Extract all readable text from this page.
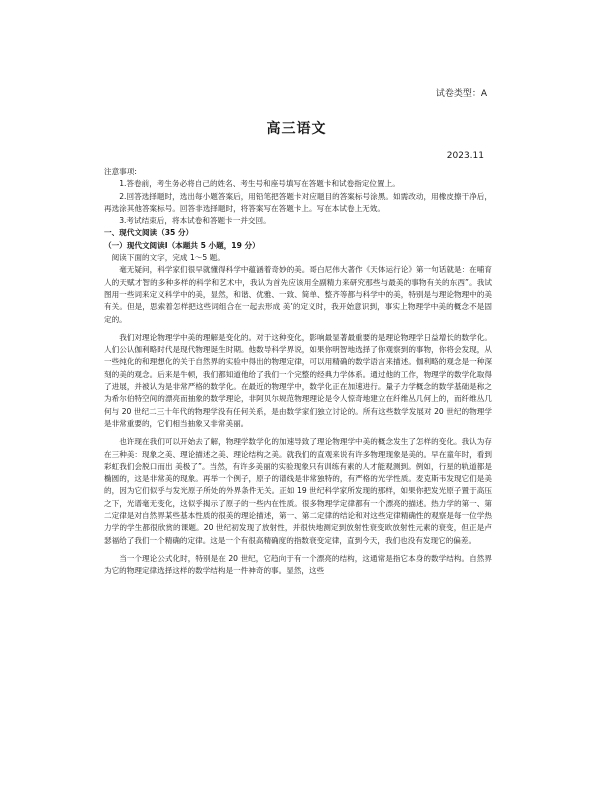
试卷类型：A
高三语文
2023.11

注意事项:

1.答卷前，考生务必将自己的姓名、考生号和座号填写在答题卡和试卷指定位置上。

2.回答选择题时，选出每小题答案后，用铅笔把答题卡对应题目的答案标号涂黑。如需改动，用橡皮擦干净后，再选涂其他答案标号。回答非选择题时，将答案写在答题卡上。写在本试卷上无效。

3.考试结束后，将本试卷和答题卡一并交回。

一、现代文阅读（35 分）

（一）现代文阅读Ⅰ（本题共 5 小题，19 分）

阅读下面的文字，完成 1～5 题。

毫无疑问，科学家们很早就懂得科学中蕴涵着奇妙的美。哥白尼伟大著作《天体运行论》第一句话就是：在哺育人的天赋才智的多种多样的科学和艺术中，我认为首先应该用全副精力来研究那些与最美的事物有关的东西”。我试图用一些词来定义科学中的美，显然，和谐、优雅、一致、简单、整齐等都与科学中的美，特别是与理论物理中的美有关。但是，思索着怎样把这些词组合在一起去形成 美’的定义时，我开始意识到，事实上物理学中美的概念不是固定的。

我们对理论物理学中美的理解是变化的。对于这种变化，影响最显著最重要的是理论物理学日益增长的数学化。人们公认伽利略时代是现代物理诞生时期。他数导科学界说，如果你明智地选择了你观察到的事物，你将会发现，从一些纯化的和理想化的关于自然界的实验中得出的物理定律，可以用精确的数学语言来描述。伽利略的观念是一种深刻的美的观念。后来是牛顿，我们都知道他给了我们一个完整的经典力学体系。通过他的工作，物理学的数学化取得了进展，并被认为是非常严格的数学化。在最近的物理学中，数学化正在加速进行。量子力学概念的数学基础是称之为希尔伯特空间的漂亮而抽象的数学理论，非阿贝尔规范物理理论是令人惊奇地建立在纤维丛几何上的，而纤维丛几何与 20 世纪二三十年代的物理学没有任何关系，是由数学家们独立讨论的。所有这些数学发展对 20 世纪的物理学是非常重要的，它们相当抽象又非常美丽。

也许现在我们可以开始去了解，物理学数学化的加速导致了理论物理学中美的概念发生了怎样的变化。我认为存在三种美：现象之美、理论描述之美、理论结构之美。就我们的直观来说有许多物理现象是美的。早在童年时，看到彩虹我们会脱口而出 美极了”。当然，有许多美丽的实验现象只有训练有素的人才能观测到。例如，行星的轨道都是椭圆的，这是非常美的现象。再举一个例子，原子的谱线是非常独特的，有严格的光学性质。麦克斯韦发现它们是美的，因为它们似乎与发光原子所处的外界条件无关。正如 19 世纪科学家所发现的那样，如果你把发光原子置于高压之下，光谱毫无变化，这似乎揭示了原子的一些内在性质。很多物理学定律都有一个漂亮的描述。热力学的第一、第二定律是对自然界某些基本性质的很美的理论描述，第一、第二定律的结论和对这些定律精确性的观察是每一位学热力学的学生都很欣赏的课题。20 世纪初发现了放射性，并很快地测定到放射性衰变欧放射性元素的衰变，但正是卢瑟福给了我们一个精确的定律。这是一个有很高精确度的指数衰变定律，直到今天，我们也没有发现它的偏差。

当一个理论公式化时，特别是在 20 世纪，它趋向于有一个漂亮的结构，这通常是指它本身的数学结构。自然界为它的物理定律选择这样的数学结构是一件神奇的事。显然，这些
